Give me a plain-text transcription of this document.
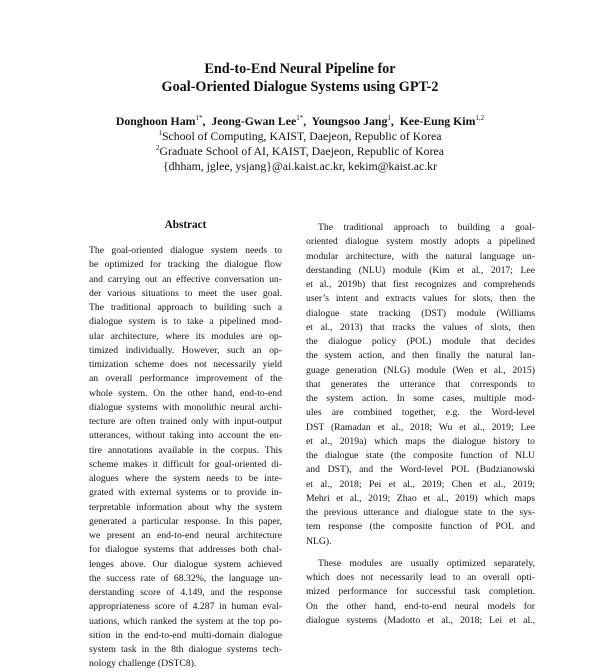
End-to-End Neural Pipeline for
Goal-Oriented Dialogue Systems using GPT-2
Donghoon Ham$^{1*}$, Jeong-Gwan Lee$^{1*}$, Youngsoo Jang$^1$, Kee-Eung Kim$^{1,2}$
$^1$School of Computing, KAIST, Daejeon, Republic of Korea
$^2$Graduate School of AI, KAIST, Daejeon, Republic of Korea
{dhham, jglee, ysjang}@ai.kaist.ac.kr, kekim@kaist.ac.kr
Abstract
The goal-oriented dialogue system needs to
be optimized for tracking the dialogue flow
and carrying out an effective conversation un-
der various situations to meet the user goal.
The traditional approach to building such a
dialogue system is to take a pipelined mod-
ular architecture, where its modules are op-
timized individually. However, such an op-
timization scheme does not necessarily yield
an overall performance improvement of the
whole system. On the other hand, end-to-end
dialogue systems with monolithic neural archi-
tecture are often trained only with input-output
utterances, without taking into account the en-
tire annotations available in the corpus. This
scheme makes it difficult for goal-oriented di-
alogues where the system needs to be inte-
grated with external systems or to provide in-
terpretable information about why the system
generated a particular response. In this paper,
we present an end-to-end neural architecture
for dialogue systems that addresses both chal-
lenges above. Our dialogue system achieved
the success rate of 68.32%, the language un-
derstanding score of 4.149, and the response
appropriateness score of 4.287 in human eval-
uations, which ranked the system at the top po-
sition in the end-to-end multi-domain dialogue
system task in the 8th dialogue systems tech-
nology challenge (DSTC8).
The traditional approach to building a goal-
oriented dialogue system mostly adopts a pipelined
modular architecture, with the natural language un-
derstanding (NLU) module (Kim et al., 2017; Lee
et al., 2019b) that first recognizes and comprehends
user’s intent and extracts values for slots, then the
dialogue state tracking (DST) module (Williams
et al., 2013) that tracks the values of slots, then
the dialogue policy (POL) module that decides
the system action, and then finally the natural lan-
guage generation (NLG) module (Wen et al., 2015)
that generates the utterance that corresponds to
the system action. In some cases, multiple mod-
ules are combined together, e.g. the Word-level
DST (Ramadan et al., 2018; Wu et al., 2019; Lee
et al., 2019a) which maps the dialogue history to
the dialogue state (the composite function of NLU
and DST), and the Word-level POL (Budzianowski
et al., 2018; Pei et al., 2019; Chen et al., 2019;
Mehri et al., 2019; Zhao et al., 2019) which maps
the previous utterance and dialogue state to the sys-
tem response (the composite function of POL and
NLG).
These modules are usually optimized separately,
which does not necessarily lead to an overall opti-
mized performance for successful task completion.
On the other hand, end-to-end neural models for
dialogue systems (Madotto et al., 2018; Lei et al.,
